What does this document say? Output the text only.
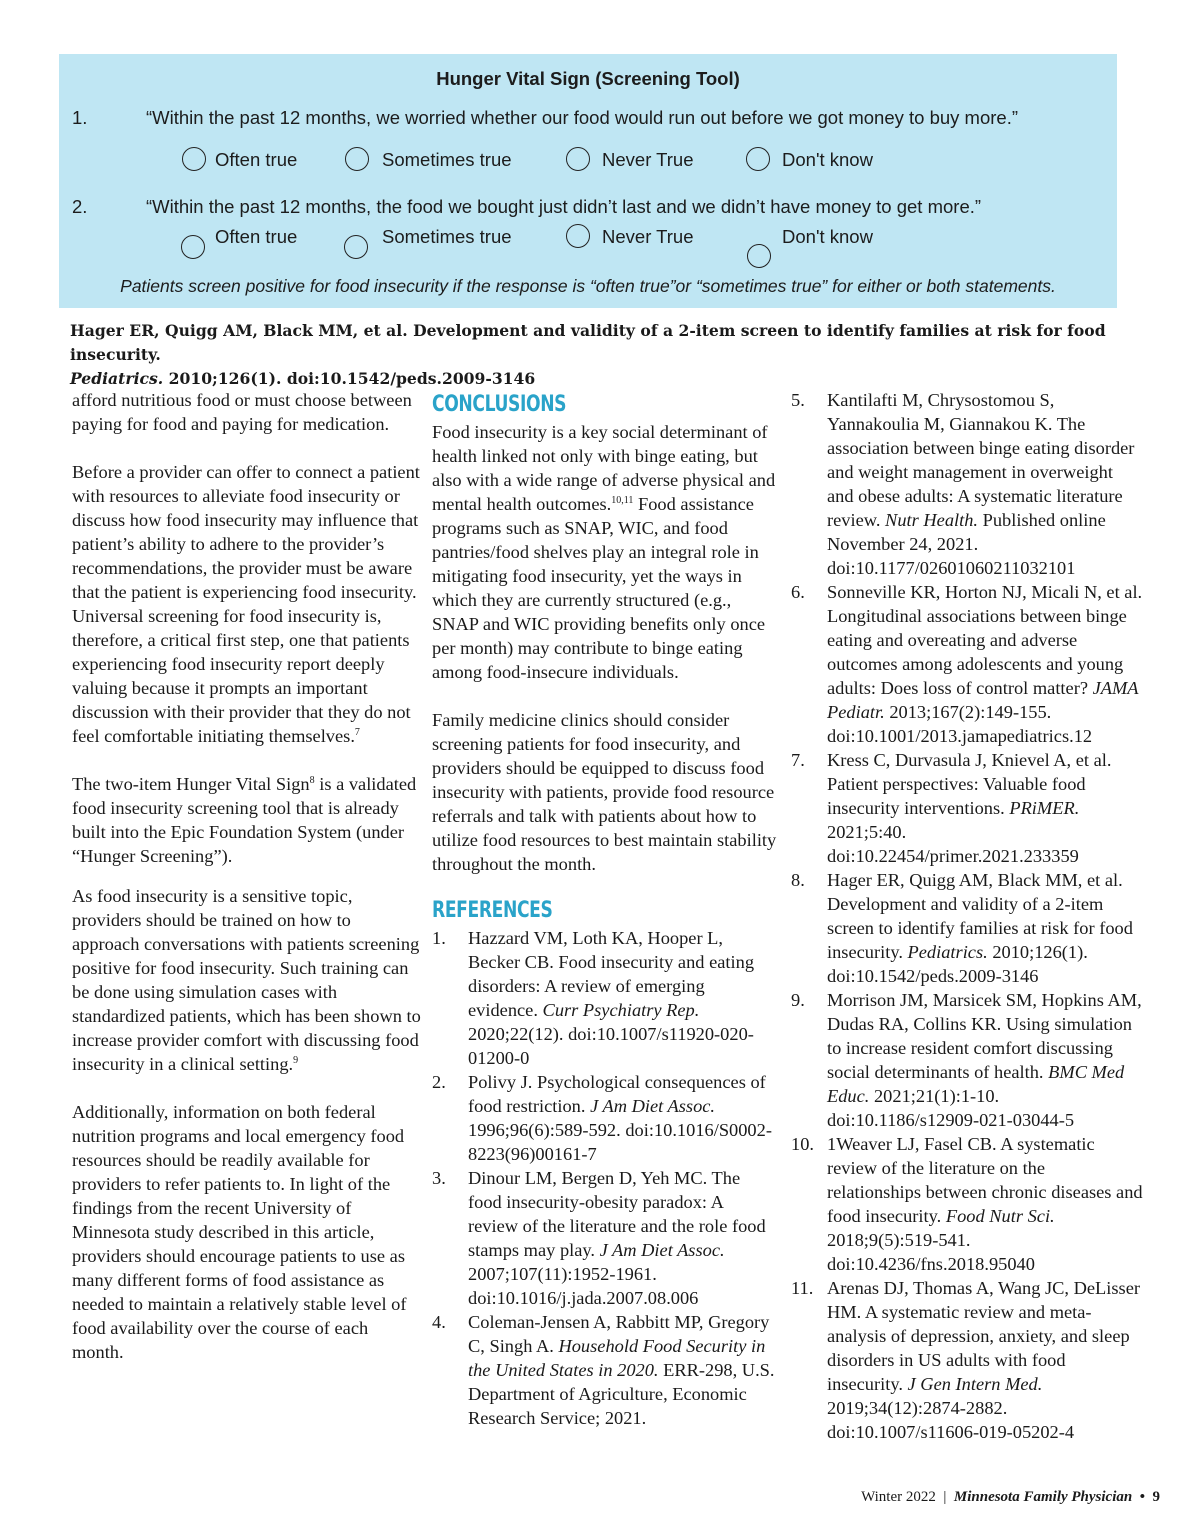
Hunger Vital Sign (Screening Tool)
1.	“Within the past 12 months, we worried whether our food would run out before we got money to buy more.”
Often true	Sometimes true	Never True	Don't know
2.	“Within the past 12 months, the food we bought just didn’t last and we didn’t have money to get more.”
Often true	Sometimes true	Never True	Don't know
Patients screen positive for food insecurity if the response is “often true”or “sometimes true” for either or both statements.
Hager ER, Quigg AM, Black MM, et al. Development and validity of a 2-item screen to identify families at risk for food insecurity.
Pediatrics. 2010;126(1). doi:10.1542/peds.2009-3146

afford nutritious food or must choose between paying for food and paying for medication.

Before a provider can offer to connect a patient with resources to alleviate food insecurity or discuss how food insecurity may influence that patient’s ability to adhere to the provider’s recommendations, the provider must be aware that the patient is experiencing food insecurity. Universal screening for food insecurity is, therefore, a critical first step, one that patients experiencing food insecurity report deeply valuing because it prompts an important discussion with their provider that they do not feel comfortable initiating themselves.$^7$

The two-item Hunger Vital Sign$^8$ is a validated food insecurity screening tool that is already built into the Epic Foundation System (under “Hunger Screening”).

As food insecurity is a sensitive topic, providers should be trained on how to approach conversations with patients screening positive for food insecurity. Such training can be done using simulation cases with standardized patients, which has been shown to increase provider comfort with discussing food insecurity in a clinical setting.$^9$

Additionally, information on both federal nutrition programs and local emergency food resources should be readily available for providers to refer patients to. In light of the findings from the recent University of Minnesota study described in this article, providers should encourage patients to use as many different forms of food assistance as needed to maintain a relatively stable level of food availability over the course of each month.

CONCLUSIONS

Food insecurity is a key social determinant of health linked not only with binge eating, but also with a wide range of adverse physical and mental health outcomes.$^{10,11}$ Food assistance programs such as SNAP, WIC, and food pantries/food shelves play an integral role in mitigating food insecurity, yet the ways in which they are currently structured (e.g., SNAP and WIC providing benefits only once per month) may contribute to binge eating among food-insecure individuals.

Family medicine clinics should consider screening patients for food insecurity, and providers should be equipped to discuss food insecurity with patients, provide food resource referrals and talk with patients about how to utilize food resources to best maintain stability throughout the month.

REFERENCES
1.	Hazzard VM, Loth KA, Hooper L, Becker CB. Food insecurity and eating disorders: A review of emerging evidence. Curr Psychiatry Rep. 2020;22(12). doi:10.1007/s11920-020-01200-0
2.	Polivy J. Psychological consequences of food restriction. J Am Diet Assoc. 1996;96(6):589-592. doi:10.1016/S0002-8223(96)00161-7
3.	Dinour LM, Bergen D, Yeh MC. The food insecurity-obesity paradox: A review of the literature and the role food stamps may play. J Am Diet Assoc. 2007;107(11):1952-1961. doi:10.1016/j.jada.2007.08.006
4.	Coleman-Jensen A, Rabbitt MP, Gregory C, Singh A. Household Food Security in the United States in 2020. ERR-298, U.S. Department of Agriculture, Economic Research Service; 2021.
5.	Kantilafti M, Chrysostomou S, Yannakoulia M, Giannakou K. The association between binge eating disorder and weight management in overweight and obese adults: A systematic literature review. Nutr Health. Published online November 24, 2021. doi:10.1177/02601060211032101
6.	Sonneville KR, Horton NJ, Micali N, et al. Longitudinal associations between binge eating and overeating and adverse outcomes among adolescents and young adults: Does loss of control matter? JAMA Pediatr. 2013;167(2):149-155. doi:10.1001/2013.jamapediatrics.12
7.	Kress C, Durvasula J, Knievel A, et al. Patient perspectives: Valuable food insecurity interventions. PRiMER. 2021;5:40. doi:10.22454/primer.2021.233359
8.	Hager ER, Quigg AM, Black MM, et al. Development and validity of a 2-item screen to identify families at risk for food insecurity. Pediatrics. 2010;126(1). doi:10.1542/peds.2009-3146
9.	Morrison JM, Marsicek SM, Hopkins AM, Dudas RA, Collins KR. Using simulation to increase resident comfort discussing social determinants of health. BMC Med Educ. 2021;21(1):1-10. doi:10.1186/s12909-021-03044-5
10. 1Weaver LJ, Fasel CB. A systematic review of the literature on the relationships between chronic diseases and food insecurity. Food Nutr Sci. 2018;9(5):519-541. doi:10.4236/fns.2018.95040
11. Arenas DJ, Thomas A, Wang JC, DeLisser HM. A systematic review and meta-analysis of depression, anxiety, and sleep disorders in US adults with food insecurity. J Gen Intern Med. 2019;34(12):2874-2882. doi:10.1007/s11606-019-05202-4
Winter 2022 | Minnesota Family Physician • 9
